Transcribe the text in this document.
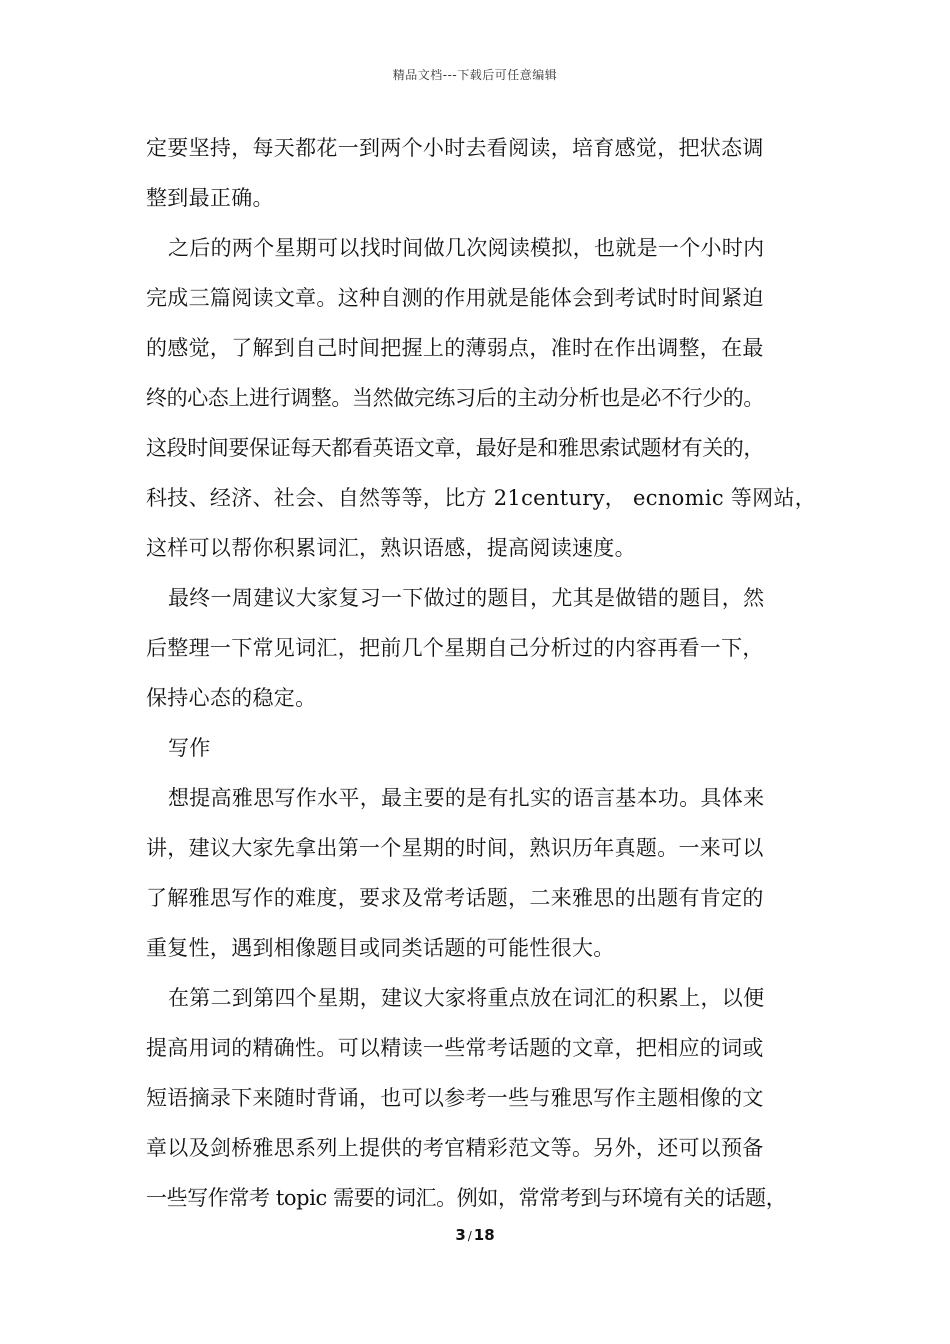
精品文档---下载后可任意编辑
定要坚持，每天都花一到两个小时去看阅读，培育感觉，把状态调
整到最正确。
之后的两个星期可以找时间做几次阅读模拟，也就是一个小时内
完成三篇阅读文章。这种自测的作用就是能体会到考试时时间紧迫
的感觉，了解到自己时间把握上的薄弱点，准时在作出调整，在最
终的心态上进行调整。当然做完练习后的主动分析也是必不行少的。
这段时间要保证每天都看英语文章，最好是和雅思索试题材有关的，
科技、经济、社会、自然等等，比方 21century， ecnomic 等网站，
这样可以帮你积累词汇，熟识语感，提高阅读速度。
最终一周建议大家复习一下做过的题目，尤其是做错的题目，然
后整理一下常见词汇，把前几个星期自己分析过的内容再看一下，
保持心态的稳定。
写作
想提高雅思写作水平，最主要的是有扎实的语言基本功。具体来
讲，建议大家先拿出第一个星期的时间，熟识历年真题。一来可以
了解雅思写作的难度，要求及常考话题，二来雅思的出题有肯定的
重复性，遇到相像题目或同类话题的可能性很大。
在第二到第四个星期，建议大家将重点放在词汇的积累上，以便
提高用词的精确性。可以精读一些常考话题的文章，把相应的词或
短语摘录下来随时背诵，也可以参考一些与雅思写作主题相像的文
章以及剑桥雅思系列上提供的考官精彩范文等。另外，还可以预备
一些写作常考 topic 需要的词汇。例如，常常考到与环境有关的话题，
3 / 18
